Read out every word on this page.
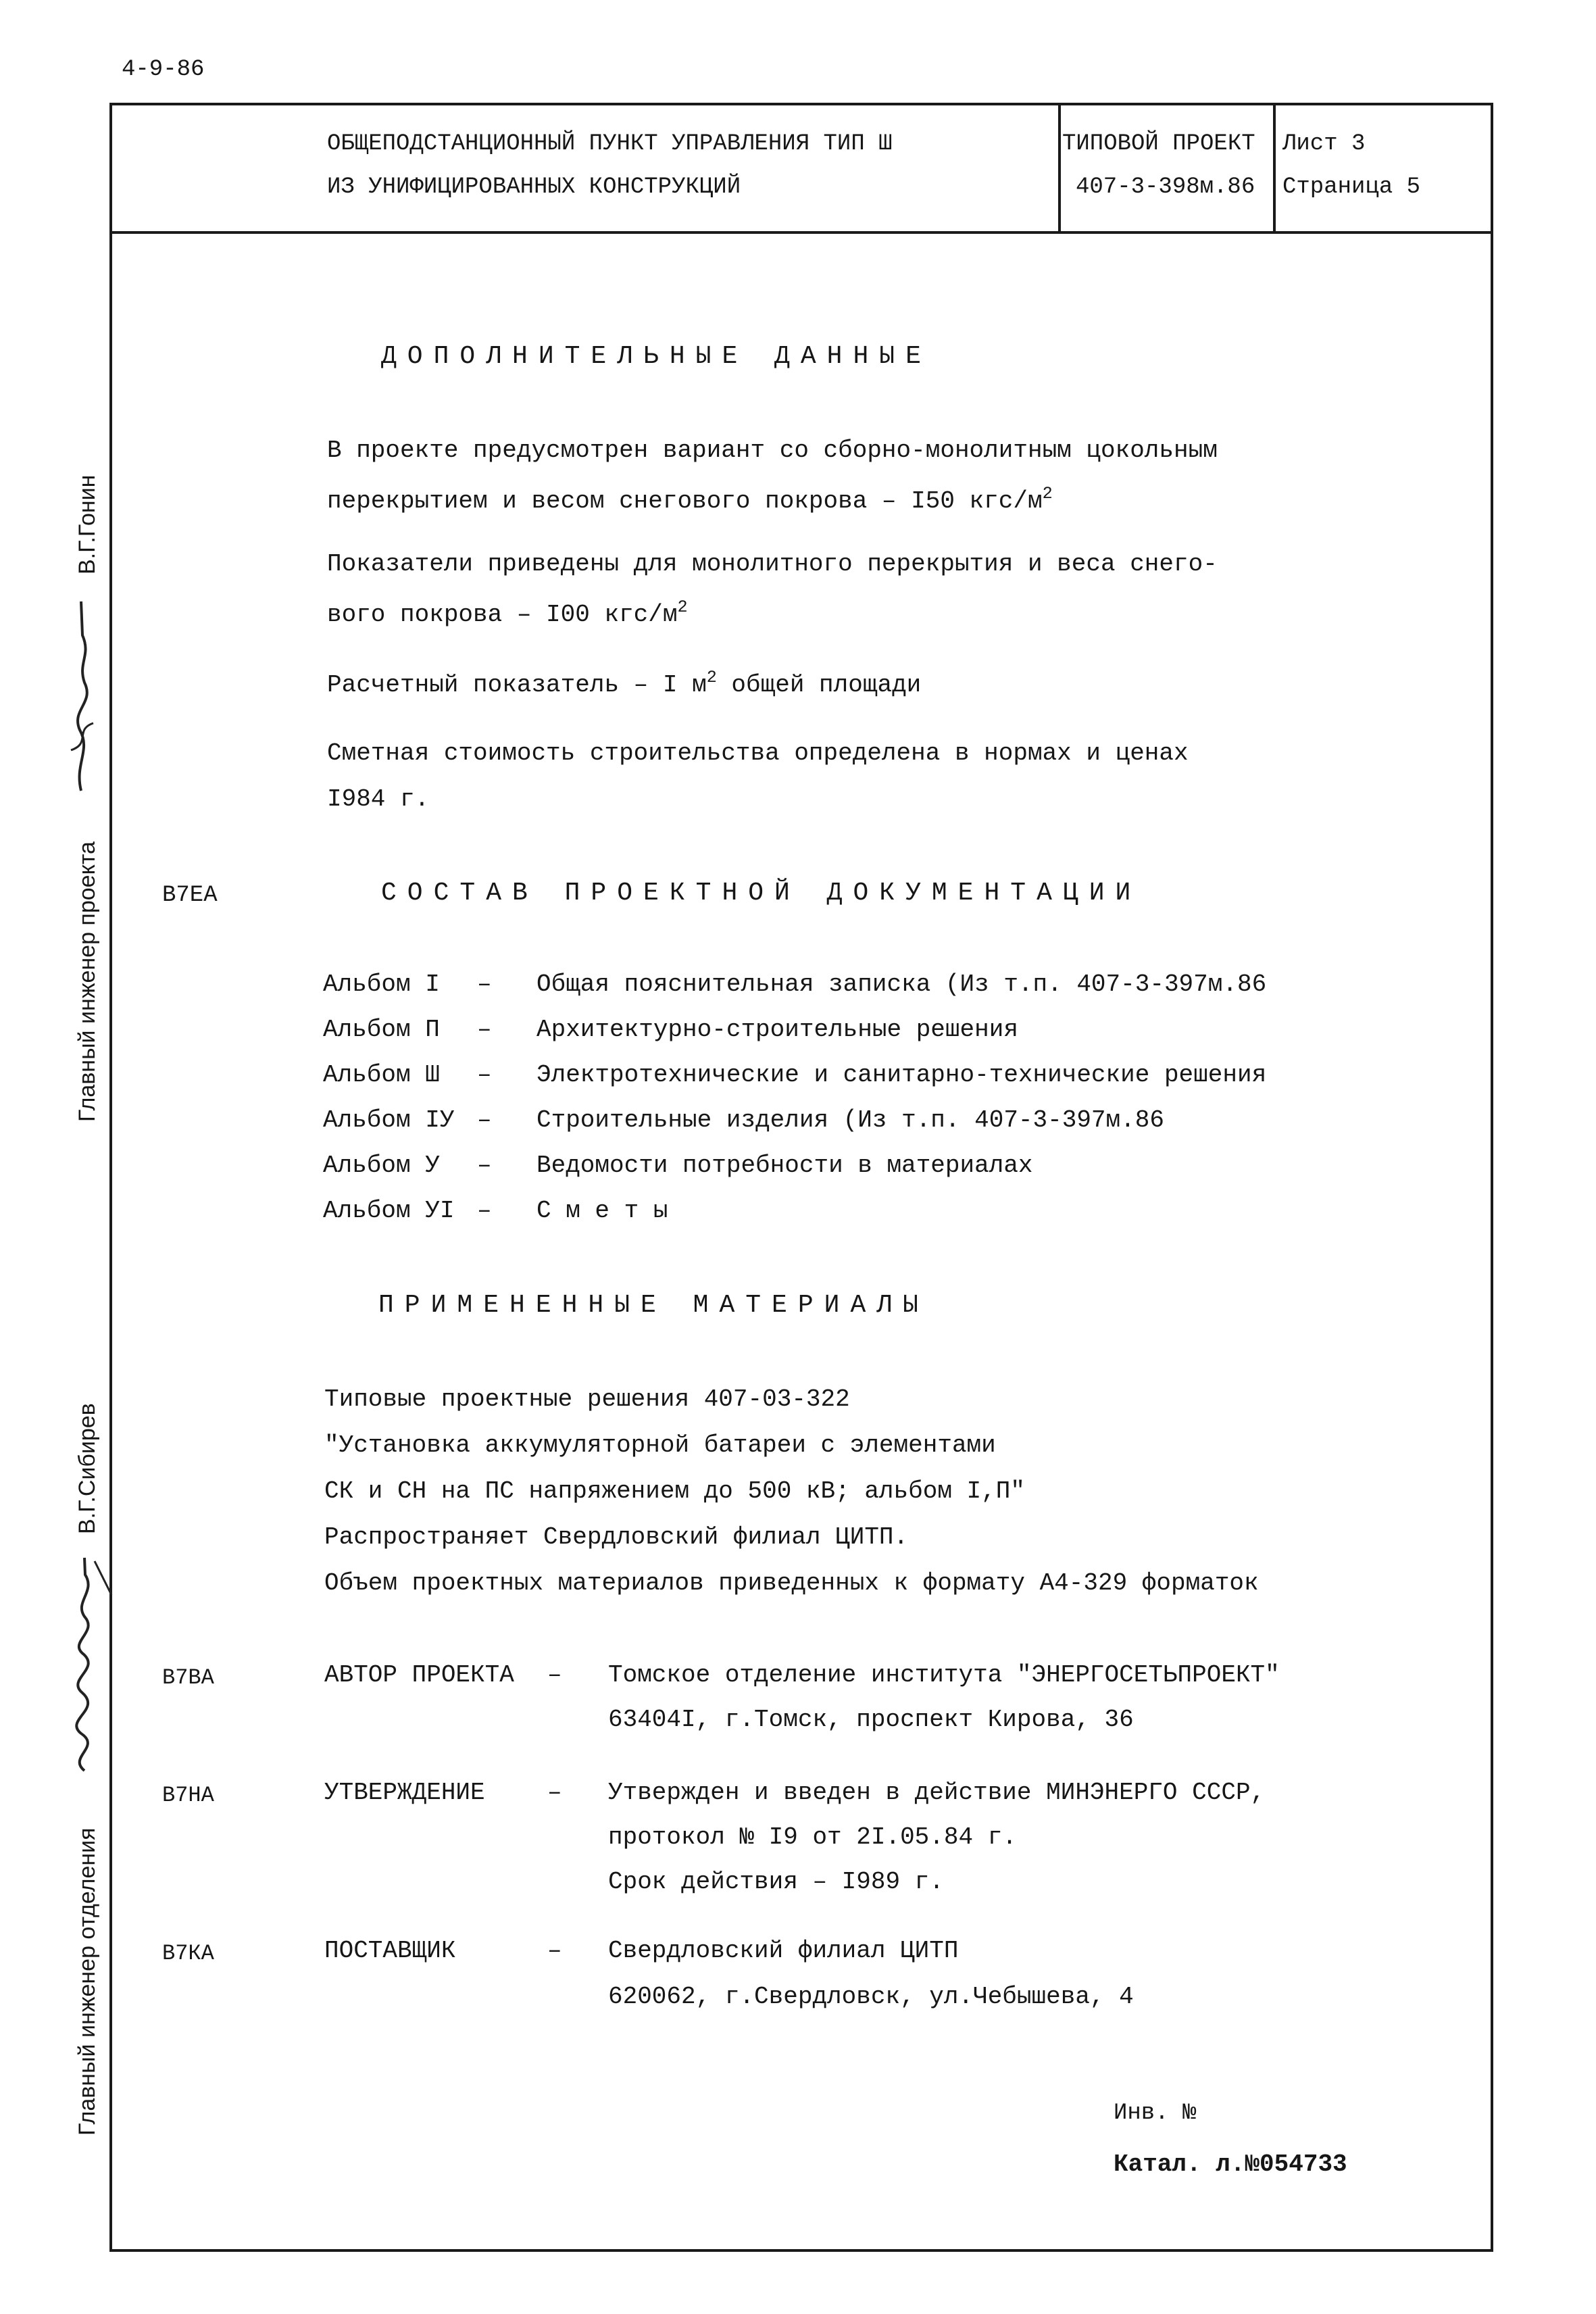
4-9-86
ОБЩЕПОДСТАНЦИОННЫЙ ПУНКТ УПРАВЛЕНИЯ ТИП Ш
ИЗ УНИФИЦИРОВАННЫХ КОНСТРУКЦИЙ
ТИПОВОЙ ПРОЕКТ
407-3-398м.86
Лист 3
Страница 5
Главный инженер проекта
В.Г.Гонин
Главный инженер отделения
В.Г.Сибирев
ДОПОЛНИТЕЛЬНЫЕ ДАННЫЕ
В проекте предусмотрен вариант со сборно-монолитным цокольным
перекрытием и весом снегового покрова – I50 кгс/$м^2$
Показатели приведены для монолитного перекрытия и веса снего-
вого покрова – I00 кгс/$м^2$
Расчетный показатель – I $м^2$ общей площади
Сметная стоимость строительства определена в нормах и ценах
I984 г.
В7ЕА	СОСТАВ ПРОЕКТНОЙ ДОКУМЕНТАЦИИ
Альбом I – Общая пояснительная записка (Из т.п. 407-3-397м.86
Альбом П – Архитектурно-строительные решения
Альбом Ш – Электротехнические и санитарно-технические решения
Альбом IУ – Строительные изделия (Из т.п. 407-3-397м.86
Альбом У – Ведомости потребности в материалах
Альбом УI – С м е т ы
ПРИМЕНЕННЫЕ МАТЕРИАЛЫ
Типовые проектные решения 407-03-322
"Установка аккумуляторной батареи с элементами
СК и СН на ПС напряжением до 500 кВ; альбом I,П"
Распространяет Свердловский филиал ЦИТП.
Объем проектных материалов приведенных к формату А4-329 форматок
В7ВА	АВТОР ПРОЕКТА – Томское отделение института "ЭНЕРГОСЕТЬПРОЕКТ"
63404I, г.Томск, проспект Кирова, 36
В7НА	УТВЕРЖДЕНИЕ	– Утвержден и введен в действие МИНЭНЕРГО СССР,
протокол № I9 от 2I.05.84 г.
Срок действия – I989 г.
В7КА	ПОСТАВЩИК	– Свердловский филиал ЦИТП
620062, г.Свердловск, ул.Чебышева, 4
Инв. №
Катал. л.№054733
